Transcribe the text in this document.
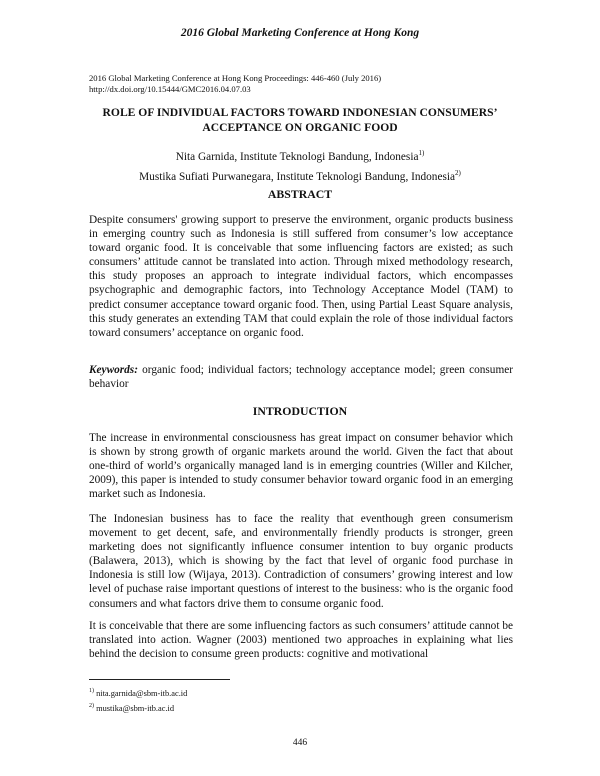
2016 Global Marketing Conference at Hong Kong
2016 Global Marketing Conference at Hong Kong Proceedings: 446-460 (July 2016)
http://dx.doi.org/10.15444/GMC2016.04.07.03
ROLE OF INDIVIDUAL FACTORS TOWARD INDONESIAN CONSUMERS’
ACCEPTANCE ON ORGANIC FOOD
Nita Garnida, Institute Teknologi Bandung, Indonesia$^{1)}$
Mustika Sufiati Purwanegara, Institute Teknologi Bandung, Indonesia$^{2)}$
ABSTRACT

Despite consumers' growing support to preserve the environment, organic products business in emerging country such as Indonesia is still suffered from consumer’s low acceptance toward organic food. It is conceivable that some influencing factors are existed; as such consumers’ attitude cannot be translated into action. Through mixed methodology research, this study proposes an approach to integrate individual factors, which encompasses psychographic and demographic factors, into Technology Acceptance Model (TAM) to predict consumer acceptance toward organic food. Then, using Partial Least Square analysis, this study generates an extending TAM that could explain the role of those individual factors toward consumers’ acceptance on organic food.

Keywords: organic food; individual factors; technology acceptance model; green consumer behavior

INTRODUCTION

The increase in environmental consciousness has great impact on consumer behavior which is shown by strong growth of organic markets around the world. Given the fact that about one-third of world’s organically managed land is in emerging countries (Willer and Kilcher, 2009), this paper is intended to study consumer behavior toward organic food in an emerging market such as Indonesia.

The Indonesian business has to face the reality that eventhough green consumerism movement to get decent, safe, and environmentally friendly products is stronger, green marketing does not significantly influence consumer intention to buy organic products (Balawera, 2013), which is showing by the fact that level of organic food purchase in Indonesia is still low (Wijaya, 2013). Contradiction of consumers’ growing interest and low level of puchase raise important questions of interest to the business: who is the organic food consumers and what factors drive them to consume organic food.

It is conceivable that there are some influencing factors as such consumers’ attitude cannot be translated into action. Wagner (2003) mentioned two approaches in explaining what lies behind the decision to consume green products: cognitive and motivational

$^{1)}$ nita.garnida@sbm-itb.ac.id
$^{2)}$ mustika@sbm-itb.ac.id
446
